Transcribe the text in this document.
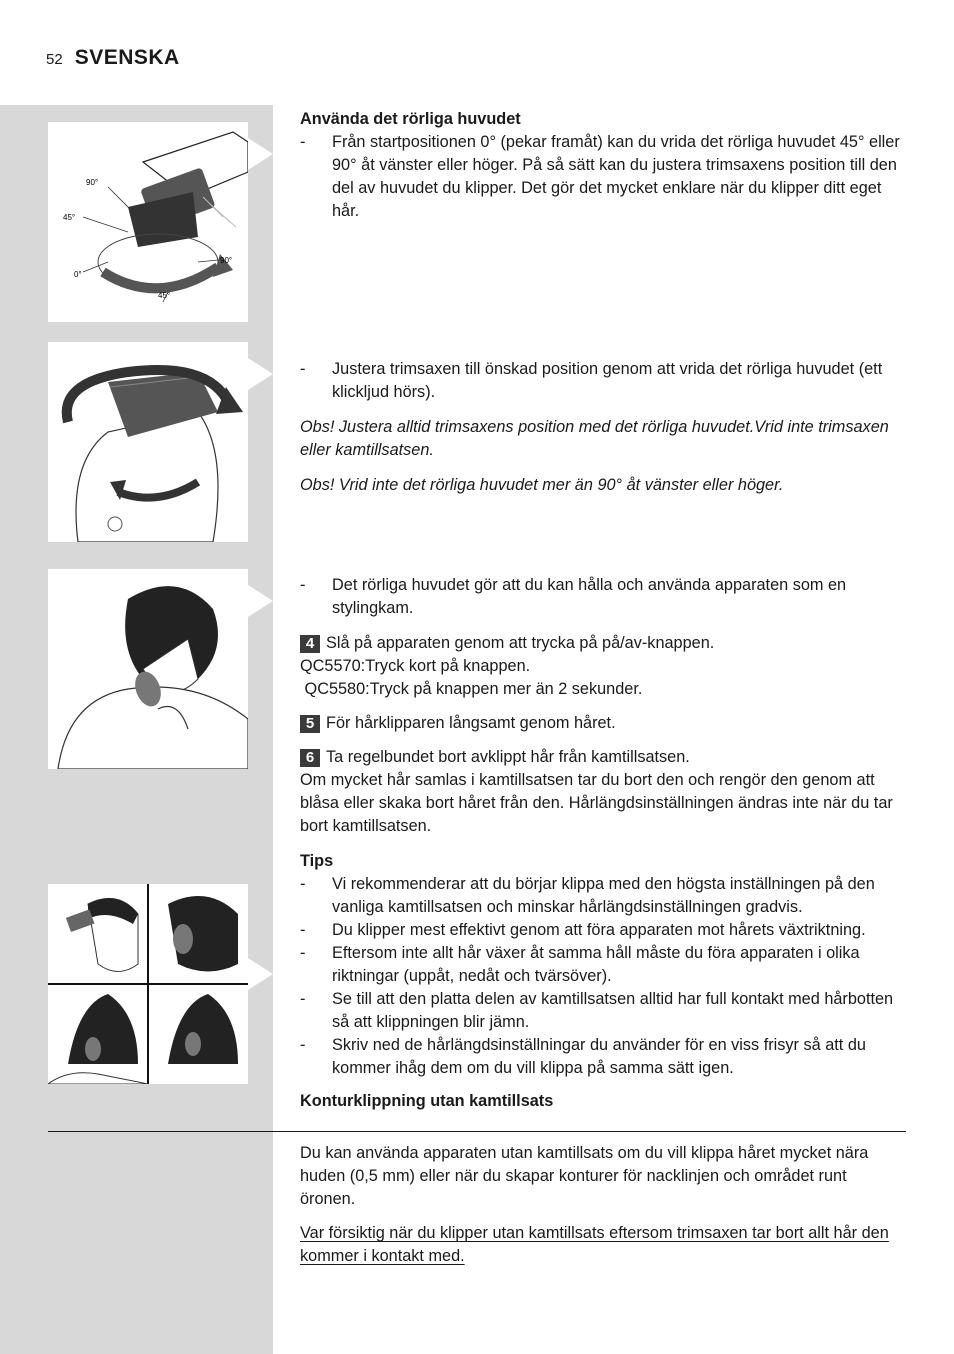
52 SVENSKA
90°
45°
0°	180°
90°
45°

Använda det rörliga huvudet

- Från startpositionen 0° (pekar framåt) kan du vrida det rörliga huvudet 45° eller 90° åt vänster eller höger. På så sätt kan du justera trimsaxens position till den del av huvudet du klipper. Det gör det mycket enklare när du klipper ditt eget hår.

- Justera trimsaxen till önskad position genom att vrida det rörliga huvudet (ett klickljud hörs).

Obs! Justera alltid trimsaxens position med det rörliga huvudet.Vrid inte trimsaxen eller kamtillsatsen.

Obs! Vrid inte det rörliga huvudet mer än 90° åt vänster eller höger.

- Det rörliga huvudet gör att du kan hålla och använda apparaten som en stylingkam.

4 Slå på apparaten genom att trycka på på/av-knappen.

QC5570:Tryck kort på knappen.

QC5580:Tryck på knappen mer än 2 sekunder.

5 För hårklipparen långsamt genom håret.

6 Ta regelbundet bort avklippt hår från kamtillsatsen.

Om mycket hår samlas i kamtillsatsen tar du bort den och rengör den genom att blåsa eller skaka bort håret från den. Hårlängdsinställningen ändras inte när du tar bort kamtillsatsen.

Tips

- Vi rekommenderar att du börjar klippa med den högsta inställningen på den vanliga kamtillsatsen och minskar hårlängdsinställningen gradvis.

- Du klipper mest effektivt genom att föra apparaten mot hårets växtriktning.

- Eftersom inte allt hår växer åt samma håll måste du föra apparaten i olika riktningar (uppåt, nedåt och tvärsöver).

- Se till att den platta delen av kamtillsatsen alltid har full kontakt med hårbotten så att klippningen blir jämn.

- Skriv ned de hårlängdsinställningar du använder för en viss frisyr så att du kommer ihåg dem om du vill klippa på samma sätt igen.

Konturklippning utan kamtillsats

Du kan använda apparaten utan kamtillsats om du vill klippa håret mycket nära huden (0,5 mm) eller när du skapar konturer för nacklinjen och området runt öronen.

Var försiktig när du klipper utan kamtillsats eftersom trimsaxen tar bort allt hår den kommer i kontakt med.
